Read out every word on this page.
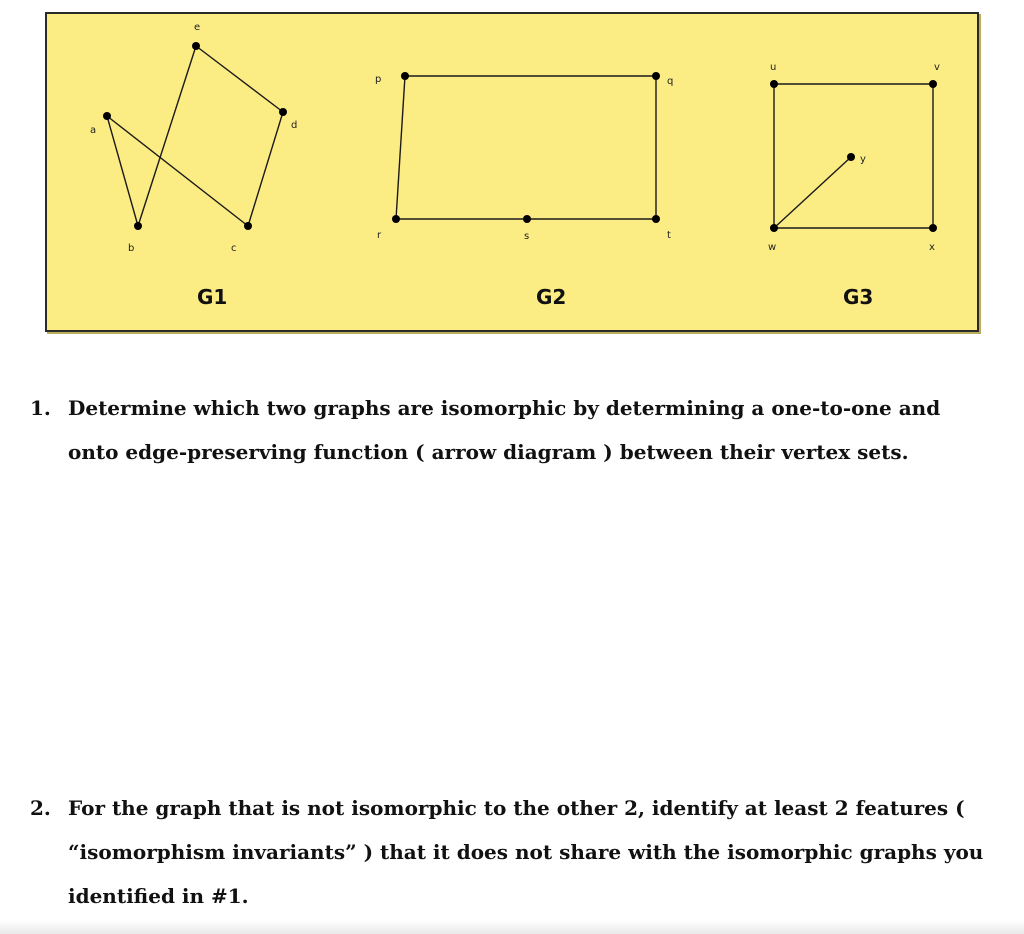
a
b	c
d
e
p	q
r	s	t
u	v
w	x
y
G1	G2	G3
1. Determine which two graphs are isomorphic by determining a one-to-one and onto edge-preserving function ( arrow diagram ) between their vertex sets.
2. For the graph that is not isomorphic to the other 2, identify at least 2 features ( “isomorphism invariants” ) that it does not share with the isomorphic graphs you identified in #1.
